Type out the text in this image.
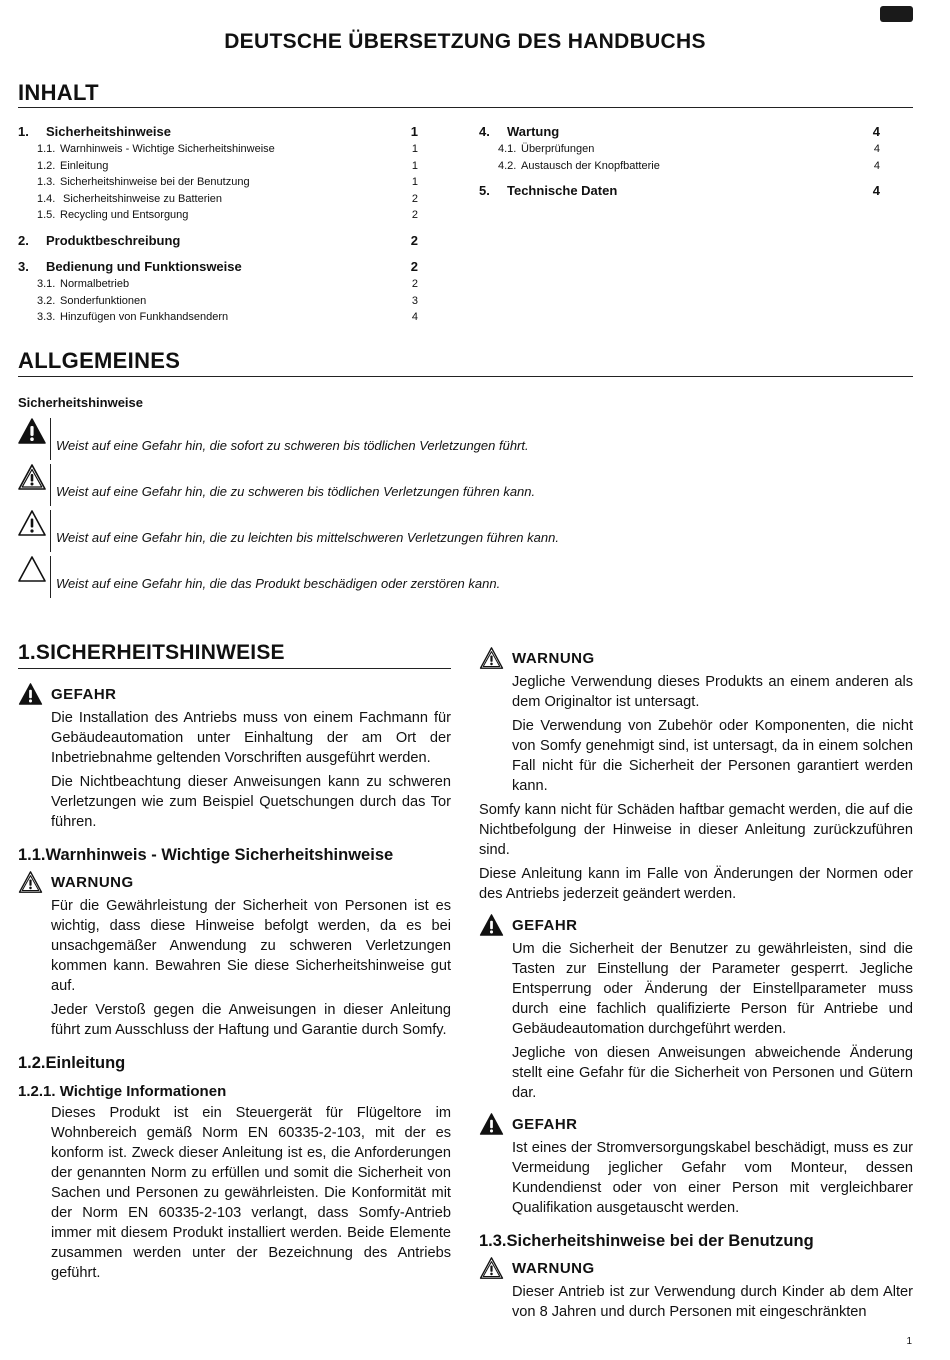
DEUTSCHE ÜBERSETZUNG DES HANDBUCHS
INHALT
1. Sicherheitshinweise	1
1.1. Warnhinweis - Wichtige Sicherheitshinweise	1
1.2. Einleitung	1
1.3. Sicherheitshinweise bei der Benutzung	1
1.4. Sicherheitshinweise zu Batterien	2
1.5. Recycling und Entsorgung	2
2. Produktbeschreibung	2
3. Bedienung und Funktionsweise	2
3.1. Normalbetrieb	2
3.2. Sonderfunktionen	3
3.3. Hinzufügen von Funkhandsendern	4
4. Wartung	4
4.1. Überprüfungen	4
4.2. Austausch der Knopfbatterie	4
5. Technische Daten	4
ALLGEMEINES
Sicherheitshinweise
Weist auf eine Gefahr hin, die sofort zu schweren bis tödlichen Verletzungen führt.
Weist auf eine Gefahr hin, die zu schweren bis tödlichen Verletzungen führen kann.
Weist auf eine Gefahr hin, die zu leichten bis mittelschweren Verletzungen führen kann.
Weist auf eine Gefahr hin, die das Produkt beschädigen oder zerstören kann.
1.SICHERHEITSHINWEISE
GEFAHR

Die Installation des Antriebs muss von einem Fachmann für Gebäudeautomation unter Einhaltung der am Ort der Inbetriebnahme geltenden Vorschriften ausgeführt werden.

Die Nichtbeachtung dieser Anweisungen kann zu schweren Verletzungen wie zum Beispiel Quetschungen durch das Tor führen.

1.1.Warnhinweis - Wichtige Sicherheitshinweise
WARNUNG

Für die Gewährleistung der Sicherheit von Personen ist es wichtig, dass diese Hinweise befolgt werden, da es bei unsachgemäßer Anwendung zu schweren Verletzungen kommen kann. Bewahren Sie diese Sicherheitshinweise gut auf.

Jeder Verstoß gegen die Anweisungen in dieser Anleitung führt zum Ausschluss der Haftung und Garantie durch Somfy.

1.2.Einleitung
1.2.1. Wichtige Informationen

Dieses Produkt ist ein Steuergerät für Flügeltore im Wohnbereich gemäß Norm EN 60335-2-103, mit der es konform ist. Zweck dieser Anleitung ist es, die Anforderungen der genannten Norm zu erfüllen und somit die Sicherheit von Sachen und Personen zu gewährleisten. Die Konformität mit der Norm EN 60335-2-103 verlangt, dass Somfy-Antrieb immer mit diesem Produkt installiert werden. Beide Elemente zusammen werden unter der Bezeichnung des Antriebs geführt.

WARNUNG

Jegliche Verwendung dieses Produkts an einem anderen als dem Originaltor ist untersagt.

Die Verwendung von Zubehör oder Komponenten, die nicht von Somfy genehmigt sind, ist untersagt, da in einem solchen Fall nicht für die Sicherheit der Personen garantiert werden kann.

Somfy kann nicht für Schäden haftbar gemacht werden, die auf die Nichtbefolgung der Hinweise in dieser Anleitung zurückzuführen sind.

Diese Anleitung kann im Falle von Änderungen der Normen oder des Antriebs jederzeit geändert werden.

GEFAHR

Um die Sicherheit der Benutzer zu gewährleisten, sind die Tasten zur Einstellung der Parameter gesperrt. Jegliche Entsperrung oder Änderung der Einstellparameter muss durch eine fachlich qualifizierte Person für Antriebe und Gebäudeautomation durchgeführt werden.

Jegliche von diesen Anweisungen abweichende Änderung stellt eine Gefahr für die Sicherheit von Personen und Gütern dar.

GEFAHR

Ist eines der Stromversorgungskabel beschädigt, muss es zur Vermeidung jeglicher Gefahr vom Monteur, dessen Kundendienst oder von einer Person mit vergleichbarer Qualifikation ausgetauscht werden.

1.3.Sicherheitshinweise bei der Benutzung
WARNUNG

Dieser Antrieb ist zur Verwendung durch Kinder ab dem Alter von 8 Jahren und durch Personen mit eingeschränkten

1
